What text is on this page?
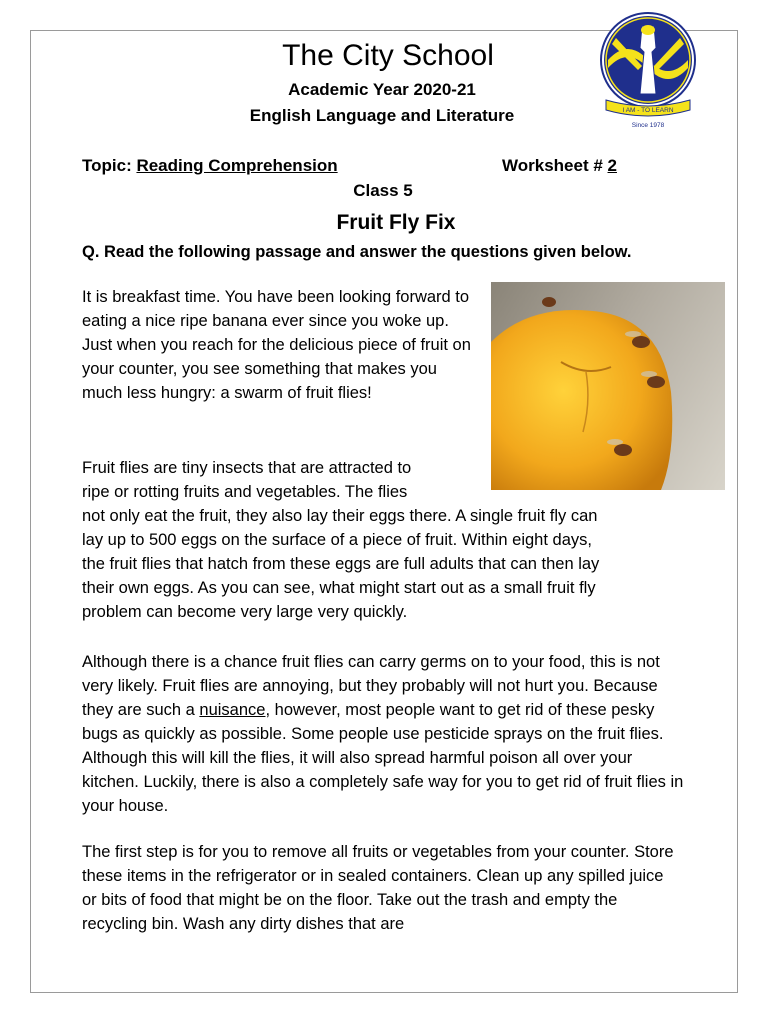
The City School
Academic Year 2020-21
English Language and Literature	I AM - TO LEARN
Since 1978
Topic: Reading Comprehension	Worksheet # 2
Class 5
Fruit Fly Fix
Q. Read the following passage and answer the questions given below.
It is breakfast time. You have been looking forward to eating a nice ripe banana ever since you woke up. Just when you reach for the delicious piece of fruit on your counter, you see something that makes you much less hungry: a swarm of fruit flies!
Fruit flies are tiny insects that are attracted to
ripe or rotting fruits and vegetables. The flies
not only eat the fruit, they also lay their eggs there. A single fruit fly can
lay up to 500 eggs on the surface of a piece of fruit. Within eight days,
the fruit flies that hatch from these eggs are full adults that can then lay
their own eggs. As you can see, what might start out as a small fruit fly
problem can become very large very quickly.
Although there is a chance fruit flies can carry germs on to your food, this is not very likely. Fruit flies are annoying, but they probably will not hurt you. Because they are such a nuisance, however, most people want to get rid of these pesky bugs as quickly as possible. Some people use pesticide sprays on the fruit flies. Although this will kill the flies, it will also spread harmful poison all over your kitchen. Luckily, there is also a completely safe way for you to get rid of fruit flies in your house.
The first step is for you to remove all fruits or vegetables from your counter. Store these items in the refrigerator or in sealed containers. Clean up any spilled juice or bits of food that might be on the floor. Take out the trash and empty the recycling bin. Wash any dirty dishes that are
